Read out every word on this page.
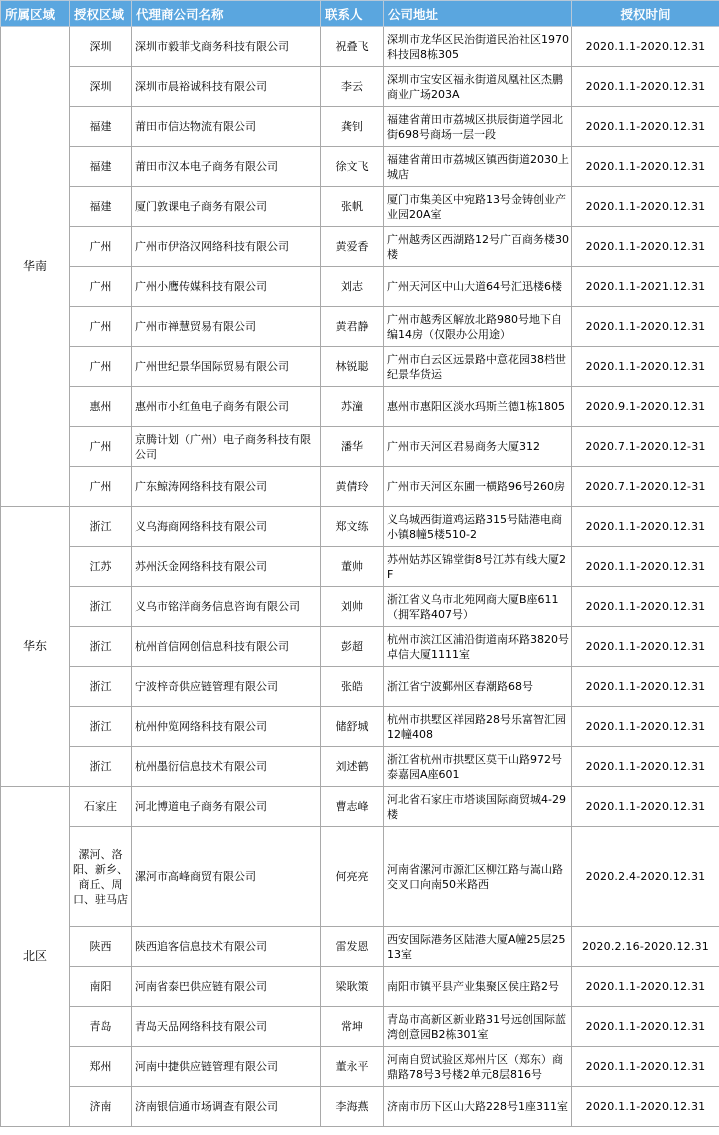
所属区域	授权区域	代理商公司名称	联系人	公司地址	授权时间
华南	深圳	深圳市毅菲戈商务科技有限公司	祝叠飞	深圳市龙华区民治街道民治社区1970科技园8栋305	2020.1.1-2020.12.31
	深圳	深圳市晨裕诚科技有限公司	李云	深圳市宝安区福永街道凤凰社区杰鹏商业广场203A	2020.1.1-2020.12.31
	福建	莆田市信达物流有限公司	龚钊	福建省莆田市荔城区拱辰街道学园北街698号商场一层一段	2020.1.1-2020.12.31
	福建	莆田市汉本电子商务有限公司	徐文飞	福建省莆田市荔城区镇西街道2030上城店	2020.1.1-2020.12.31
	福建	厦门敦课电子商务有限公司	张帆	厦门市集美区中宛路13号金铸创业产业园20A室	2020.1.1-2020.12.31
	广州	广州市伊洛汉网络科技有限公司	黄爱香	广州越秀区西湖路12号广百商务楼30楼	2020.1.1-2020.12.31
	广州	广州小鹰传媒科技有限公司	刘志	广州天河区中山大道64号汇迅楼6楼	2020.1.1-2021.12.31
	广州	广州市禅慧贸易有限公司	黄君静	广州市越秀区解放北路980号地下自编14房（仅限办公用途）	2020.1.1-2020.12.31
	广州	广州世纪景华国际贸易有限公司	林锐聪	广州市白云区远景路中意花园38档世纪景华货运	2020.1.1-2020.12.31
	惠州	惠州市小红鱼电子商务有限公司	苏潼	惠州市惠阳区淡水玛斯兰德1栋1805	2020.9.1-2020.12.31
	广州	京腾计划（广州）电子商务科技有限公司	潘华	广州市天河区君易商务大厦312	2020.7.1-2020.12-31
	广州	广东鲸涛网络科技有限公司	黄倩玲	广州市天河区东圃一横路96号260房	2020.7.1-2020.12-31
华东	浙江	义乌海商网络科技有限公司	郑文练	义乌城西街道鸡运路315号陆港电商小镇8幢5楼510-2	2020.1.1-2020.12.31
	江苏	苏州沃金网络科技有限公司	董帅	苏州姑苏区锦堂街8号江苏有线大厦2F	2020.1.1-2020.12.31
	浙江	义乌市铭洋商务信息咨询有限公司	刘帅	浙江省义乌市北苑网商大厦B座611（拥军路407号）	2020.1.1-2020.12.31
	浙江	杭州首信网创信息科技有限公司	彭超	杭州市滨江区浦沿街道南环路3820号卓信大厦1111室	2020.1.1-2020.12.31
	浙江	宁波梓奇供应链管理有限公司	张皓	浙江省宁波鄞州区春潮路68号	2020.1.1-2020.12.31
	浙江	杭州仲览网络科技有限公司	储舒城	杭州市拱墅区祥园路28号乐富智汇园12幢408	2020.1.1-2020.12.31
	浙江	杭州墨衍信息技术有限公司	刘述鹤	浙江省杭州市拱墅区莫干山路972号泰嘉园A座601	2020.1.1-2020.12.31
北区	石家庄	河北博道电子商务有限公司	曹志峰	河北省石家庄市塔谈国际商贸城4-29楼	2020.1.1-2020.12.31
	漯河、洛阳、新乡、商丘、周口、驻马店	漯河市高峰商贸有限公司	何亮亮	河南省漯河市源汇区柳江路与嵩山路交叉口向南50米路西	2020.2.4-2020.12.31
	陕西	陕西追客信息技术有限公司	雷发恩	西安国际港务区陆港大厦A幢25层2513室	2020.2.16-2020.12.31
	南阳	河南省泰巴供应链有限公司	梁耿策	南阳市镇平县产业集聚区侯庄路2号	2020.1.1-2020.12.31
	青岛	青岛天品网络科技有限公司	常坤	青岛市高新区新业路31号远创国际蓝湾创意园B2栋301室	2020.1.1-2020.12.31
	郑州	河南中捷供应链管理有限公司	董永平	河南自贸试验区郑州片区（郑东）商鼎路78号3号楼2单元8层816号	2020.1.1-2020.12.31
	济南	济南银信通市场调查有限公司	李海燕	济南市历下区山大路228号1座311室	2020.1.1-2020.12.31
